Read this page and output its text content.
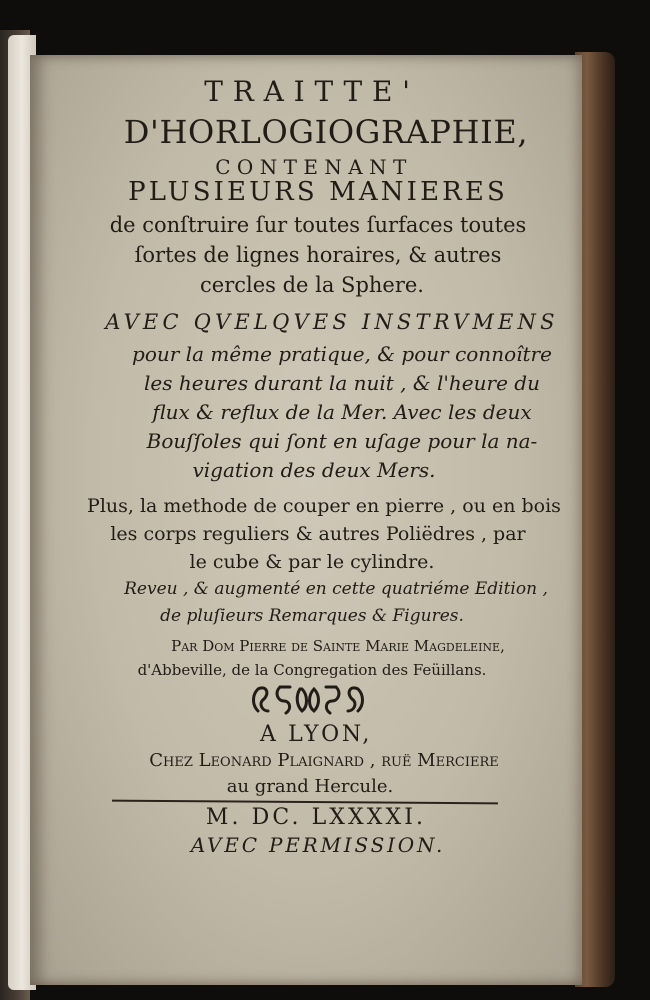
TRAITTE'
D'HORLOGIOGRAPHIE,
CONTENANT
PLUSIEURS MANIERES
de conſtruire ſur toutes ſurfaces toutes
ſortes de lignes horaires, & autres
cercles de la Sphere.
AVEC QVELQVES INSTRVMENS
pour la même pratique, & pour connoître
les heures durant la nuit , & l'heure du
flux & reflux de la Mer. Avec les deux
Bouſſoles qui ſont en uſage pour la na-
vigation des deux Mers.
Plus, la methode de couper en pierre , ou en bois
les corps reguliers & autres Poliëdres , par
le cube & par le cylindre.
Reveu , & augmenté en cette quatriéme Edition ,
de pluſieurs Remarques & Figures.
Par Dom Pierre de Sainte Marie Magdeleine,
d'Abbeville, de la Congregation des Feüillans.
A LYON,
Chez Leonard Plaignard , ruë Merciere
au grand Hercule.
M. DC. LXXXXI.
AVEC PERMISSION.
